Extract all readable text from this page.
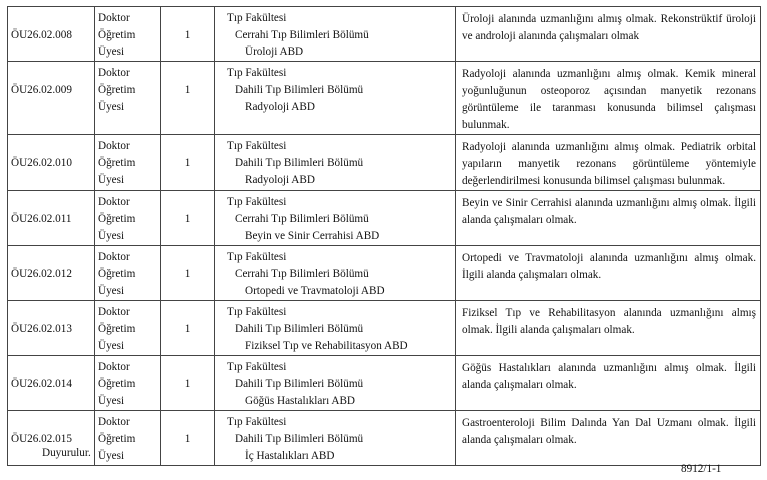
ÖU26.02.008	Doktor
Öğretim
Üyesi	1	Tıp Fakültesi
Cerrahi Tıp Bilimleri Bölümü
Üroloji ABD	Üroloji alanında uzmanlığını almış olmak. Rekonstrüktif üroloji ve androloji alanında çalışmaları olmak
ÖU26.02.009	Doktor
Öğretim
Üyesi	1	Tıp Fakültesi
Dahili Tıp Bilimleri Bölümü
Radyoloji ABD	Radyoloji alanında uzmanlığını almış olmak. Kemik mineral yoğunluğunun osteoporoz açısından manyetik rezonans görüntüleme ile taranması konusunda bilimsel çalışması bulunmak.
ÖU26.02.010	Doktor
Öğretim
Üyesi	1	Tıp Fakültesi
Dahili Tıp Bilimleri Bölümü
Radyoloji ABD	Radyoloji alanında uzmanlığını almış olmak. Pediatrik orbital yapıların manyetik rezonans görüntüleme yöntemiyle değerlendirilmesi konusunda bilimsel çalışması bulunmak.
ÖU26.02.011	Doktor
Öğretim
Üyesi	1	Tıp Fakültesi
Cerrahi Tıp Bilimleri Bölümü
Beyin ve Sinir Cerrahisi ABD	Beyin ve Sinir Cerrahisi alanında uzmanlığını almış olmak. İlgili alanda çalışmaları olmak.
ÖU26.02.012	Doktor
Öğretim
Üyesi	1	Tıp Fakültesi
Cerrahi Tıp Bilimleri Bölümü
Ortopedi ve Travmatoloji ABD	Ortopedi ve Travmatoloji alanında uzmanlığını almış olmak. İlgili alanda çalışmaları olmak.
ÖU26.02.013	Doktor
Öğretim
Üyesi	1	Tıp Fakültesi
Dahili Tıp Bilimleri Bölümü
Fiziksel Tıp ve Rehabilitasyon ABD	Fiziksel Tıp ve Rehabilitasyon alanında uzmanlığını almış olmak. İlgili alanda çalışmaları olmak.
ÖU26.02.014	Doktor
Öğretim
Üyesi	1	Tıp Fakültesi
Dahili Tıp Bilimleri Bölümü
Göğüs Hastalıkları ABD	Göğüs Hastalıkları alanında uzmanlığını almış olmak. İlgili alanda çalışmaları olmak.
ÖU26.02.015	Doktor
Öğretim
Üyesi	1	Tıp Fakültesi
Dahili Tıp Bilimleri Bölümü
İç Hastalıkları ABD	Gastroenteroloji Bilim Dalında Yan Dal Uzmanı olmak. İlgili alanda çalışmaları olmak.
Duyurulur.
8912/1-1
